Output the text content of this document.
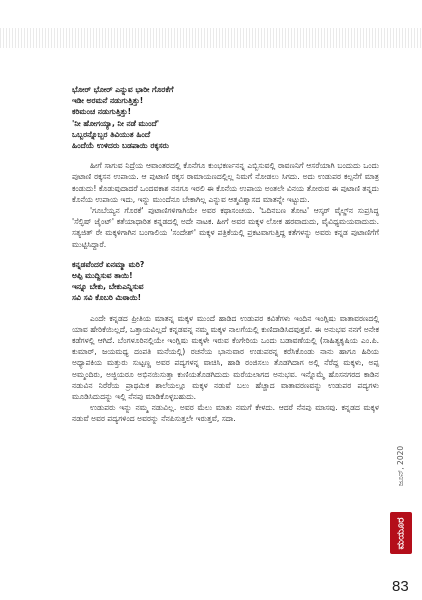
ಭೋರ್ ಭೋರ್ ಎನ್ನುವ ಭಾರೀ ಗೊರಕೆಗೆ
ಇಡೀ ಅರಮನೆ ನಡುಗುತ್ತಿತ್ತು!
ಕರಿಮಂಚ ನಡುಗುತ್ತಿತ್ತು!
'ನೀ ಹೋಗಯ್ಯಾ, ನೀ ನಡೆ ಮುಂದೆ'
ಒಬ್ಬರನ್ನೊಬ್ಬರ ತಿವಿಯುತ ಹಿಂದೆ
ಹಿಂದೆಯೆ ಉಳಿದರು ಬಡಪಾಯಿ ರಕ್ಕಸರು

ಹೀಗೆ ಸಾಗುವ ನಿದ್ರೆಯ ಆವಾಂತರದಲ್ಲಿ ಕೊನೆಗೂ ಕುಂಭಕರ್ಣನನ್ನ ಎಬ್ಬಿಸುವಲ್ಲಿ ರಾವಣನಿಗೆ ಆಸರೆಯಾಗಿ ಬಂದುದು ಒಂದು ಪುಟಾಣಿ ರಕ್ಕಸನ ಉಪಾಯ. ಆ ಪುಟಾಣಿ ರಕ್ಕಸ ರಾಮಾಯಣದಲ್ಲಿಲ್ಲ ನಿಮಗೆ ನೋಡಲು ಸಿಗದು. ಅದು ಉಡುಪರ ಕಲ್ಪನೆಗೆ ಮಾತ್ರ ಕಂಡುದು! ಕೊಡುವುದಾದರೆ ಒಂದವಕಾಶ ನನಗೂ ಇರಲಿ ಈ ಕೊನೆಯ ಉಪಾಯ ಅಂತಲೇ ವಿನಯ ತೋರುವ ಈ ಪುಟಾಣಿ ತನ್ನದು ಕೊನೆಯ ಉಪಾಯ ಇದು, ಇನ್ನು ಮುಂದೆನೂ ಬೇಕಾಗಿಲ್ಲ ಎನ್ನುವ ಆತ್ಮವಿಶ್ವಾಸದ ಮಾತನ್ನೇ ಇಟ್ಟುದು.

'ಗೂಬೆಯ್ಯನ ಗೊರಕೆ' ಪುಟಾಣಿಗಳಿಗಾಗಿಯೇ ಅವರ ಕಥಾಸಂಚಯ. 'ಓದಿನಬಣ ತೋಟ' ಆಸ್ಕರ್ ವೈಲ್ಡ್‌ನ ಸುಪ್ರಸಿದ್ಧ 'ಸೆಲ್ಫಿಷ್ ಜೈಂಟ್' ಕತೆಯಾಧಾರಿತ ಕನ್ನಡದಲ್ಲಿ ಅದೇ ನಾಟಕ. ಹೀಗೆ ಅವರ ಮಕ್ಕಳ ಲೋಕ ಹರವಾದುದು, ವೈವಿಧ್ಯಮಯವಾದುದು. ಸತ್ಯಜಿತ್ ರೇ ಮಕ್ಕಳಿಗಾಗಿನ ಬಂಗಾಲಿಯ 'ಸಂದೇಶ್' ಮಕ್ಕಳ ಪತ್ರಿಕೆಯಲ್ಲಿ ಪ್ರಕಟವಾಗುತ್ತಿದ್ದ ಕತೆಗಳನ್ನು ಅವರು ಕನ್ನಡ ಪುಟಾಣಿಗೆಗೆ ಮುಟ್ಟಿಸಿದ್ದಾರೆ.

ಕನ್ನಡವೆಂದರೆ ಏನಮ್ಮಾ ಮರಿ?
ಅಪ್ಪಿ ಮುದ್ದಿಸುವ ತಾಯಿ!
ಇನ್ನೂ ಬೇಕು, ಬೇಕುಎನ್ನಿಸುವ
ಸವಿ ಸವಿ ಕೊಬರಿ ಮಿಠಾಯಿ!

ಎಂದೇ ಕನ್ನಡದ ಪ್ರೀತಿಯ ಮಾತನ್ನ ಮಕ್ಕಳ ಮುಂದೆ ಹಾಡಿದ ಉಡುಪರ ಕವಿತೆಗಳು ಇಂದಿನ ಇಂಗ್ಲಿಷು ವಾತಾವರಣದಲ್ಲಿ ಯಾವ ಹೇರಿಕೆಯಿಲ್ಲದೆ, ಒತ್ತಾಯವಿಲ್ಲದೆ ಕನ್ನಡವನ್ನ ನಮ್ಮ ಮಕ್ಕಳ ನಾಲಗೆಯಲ್ಲಿ ಕುಣಿದಾಡಿಸಿದವುತ್ತವೆ. ಈ ಅನುಭವ ನನಗೆ ಅನೇಕ ಕಡೆಗಳಲ್ಲಿ ಆಗಿದೆ. ಬೆಂಗಳೂರಿನಲ್ಲಿಯೇ ಇಂಗ್ಲಿಷು ಮಕ್ಕಳೇ ಇರುವ ಕೆಂಗೇರಿಯ ಒಂದು ಬಡಾವಣೆಯಲ್ಲಿ (ಸಾಹಿತ್ಯಕೃಷಿಯ ಎಂ.ಪಿ. ಕುಮಾರ್, ಜಯಮಧ್ಯ ದಂಪತಿ ಮನೆಯಲ್ಲಿ) ರಚನೆಯ ಭಾನುವಾರ ಉಡುಪರನ್ನ ಕರೆಸಿಕೊಂಡು ನಾನು ಹಾಗೂ ಹಿರಿಯ ಅಧ್ಯಾಪಕಿಯ ಮತ್ತುರು ಸುಟ್ಟಣ್ಣ ಅವರ ಪದ್ಯಗಳನ್ನ ವಾಚಿಸಿ, ಹಾಡಿ ರಂಜಿಸಲು ತೊಡಗಿದಾಗ ಅಲ್ಲಿ ನೆರೆದ್ದ ಮಕ್ಕಳು, ಅಪ್ಪ ಅಮ್ಮಂದಿರು, ಅಜ್ಜಿಯರೂ ಅಭಿನಯಿಸುತ್ತಾ ಕುಣಿಯತೊಡಗಿದುದು ಮರೆಯಲಾಗದ ಅನುಭವ. ಇನ್ನೊಮ್ಮೆ ಹೊಸನಗರದ ಕಾಡಿನ ನಡುವಿನ ನಿರೆರೆಯ ಪ್ರಾಥಮಿಕ ಶಾಲೆಯಲ್ಲೂ ಮಕ್ಕಳ ನಡುವೆ ಬಲು ಹೆಚ್ಚಾದ ವಾತಾವರಣವನ್ನು ಉಡುಪರ ಪದ್ಯಗಳು ಮೂಡಿಸಿದುದನ್ನು ಇಲ್ಲಿ ನೆನಪು ಮಾಡಿಕೊಳ್ಳಬಹುದು.

ಉಡುಪರು ಇನ್ನು ನಮ್ಮ ನಡುವಿಲ್ಲ. ಅವರ ಮೆಲು ಮಾತು ನಮಗೆ ಕೇಳದು. ಆದರೆ ನೆನಪು ಮಾಸವು. ಕನ್ನಡದ ಮಕ್ಕಳ ನಡುವೆ ಅವರ ಪದ್ಯಗಳಿಂದ ಅವರನ್ನು ನೆನಪಿಸುತ್ತಲೇ ಇರುತ್ತವೆ, ಸದಾ.

ಜೂನ್, 2020
ಮಯೂರ
83
